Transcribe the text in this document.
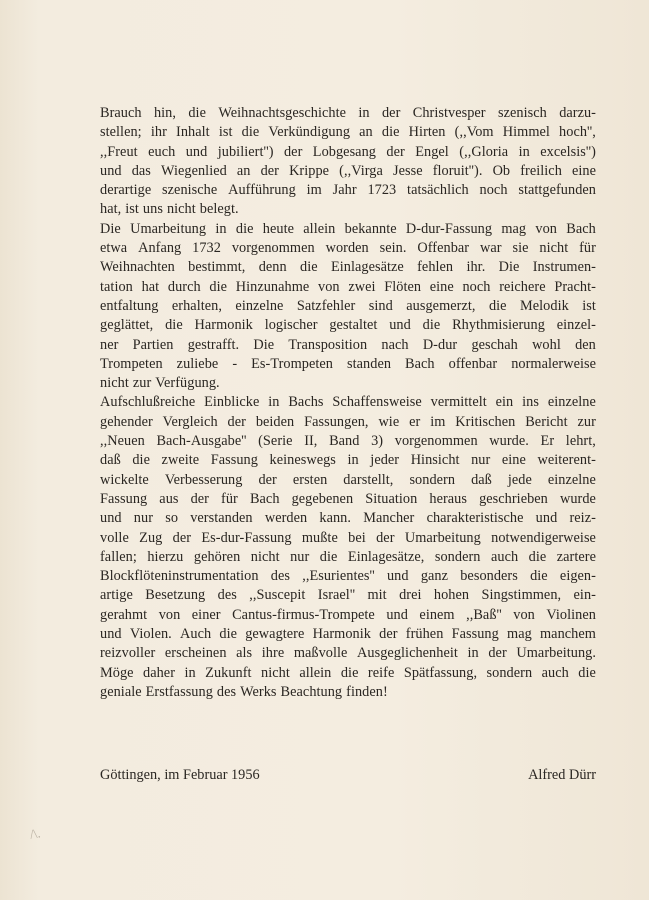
Brauch hin, die Weihnachtsgeschichte in der Christvesper szenisch darzu-
stellen; ihr Inhalt ist die Verkündigung an die Hirten (,,Vom Himmel hoch'',
,,Freut euch und jubiliert'') der Lobgesang der Engel (,,Gloria in excelsis'')
und das Wiegenlied an der Krippe (,,Virga Jesse floruit''). Ob freilich eine
derartige szenische Aufführung im Jahr 1723 tatsächlich noch stattgefunden
hat, ist uns nicht belegt.
Die Umarbeitung in die heute allein bekannte D-dur-Fassung mag von Bach
etwa Anfang 1732 vorgenommen worden sein. Offenbar war sie nicht für
Weihnachten bestimmt, denn die Einlagesätze fehlen ihr. Die Instrumen-
tation hat durch die Hinzunahme von zwei Flöten eine noch reichere Pracht-
entfaltung erhalten, einzelne Satzfehler sind ausgemerzt, die Melodik ist
geglättet, die Harmonik logischer gestaltet und die Rhythmisierung einzel-
ner Partien gestrafft. Die Transposition nach D-dur geschah wohl den
Trompeten zuliebe - Es-Trompeten standen Bach offenbar normalerweise
nicht zur Verfügung.
Aufschlußreiche Einblicke in Bachs Schaffensweise vermittelt ein ins einzelne
gehender Vergleich der beiden Fassungen, wie er im Kritischen Bericht zur
,,Neuen Bach-Ausgabe'' (Serie II, Band 3) vorgenommen wurde. Er lehrt,
daß die zweite Fassung keineswegs in jeder Hinsicht nur eine weiterent-
wickelte Verbesserung der ersten darstellt, sondern daß jede einzelne
Fassung aus der für Bach gegebenen Situation heraus geschrieben wurde
und nur so verstanden werden kann. Mancher charakteristische und reiz-
volle Zug der Es-dur-Fassung mußte bei der Umarbeitung notwendigerweise
fallen; hierzu gehören nicht nur die Einlagesätze, sondern auch die zartere
Blockflöteninstrumentation des ,,Esurientes'' und ganz besonders die eigen-
artige Besetzung des ,,Suscepit Israel'' mit drei hohen Singstimmen, ein-
gerahmt von einer Cantus-firmus-Trompete und einem ,,Baß'' von Violinen
und Violen. Auch die gewagtere Harmonik der frühen Fassung mag manchem
reizvoller erscheinen als ihre maßvolle Ausgeglichenheit in der Umarbeitung.
Möge daher in Zukunft nicht allein die reife Spätfassung, sondern auch die
geniale Erstfassung des Werks Beachtung finden!
Göttingen, im Februar 1956	Alfred Dürr
/\.
